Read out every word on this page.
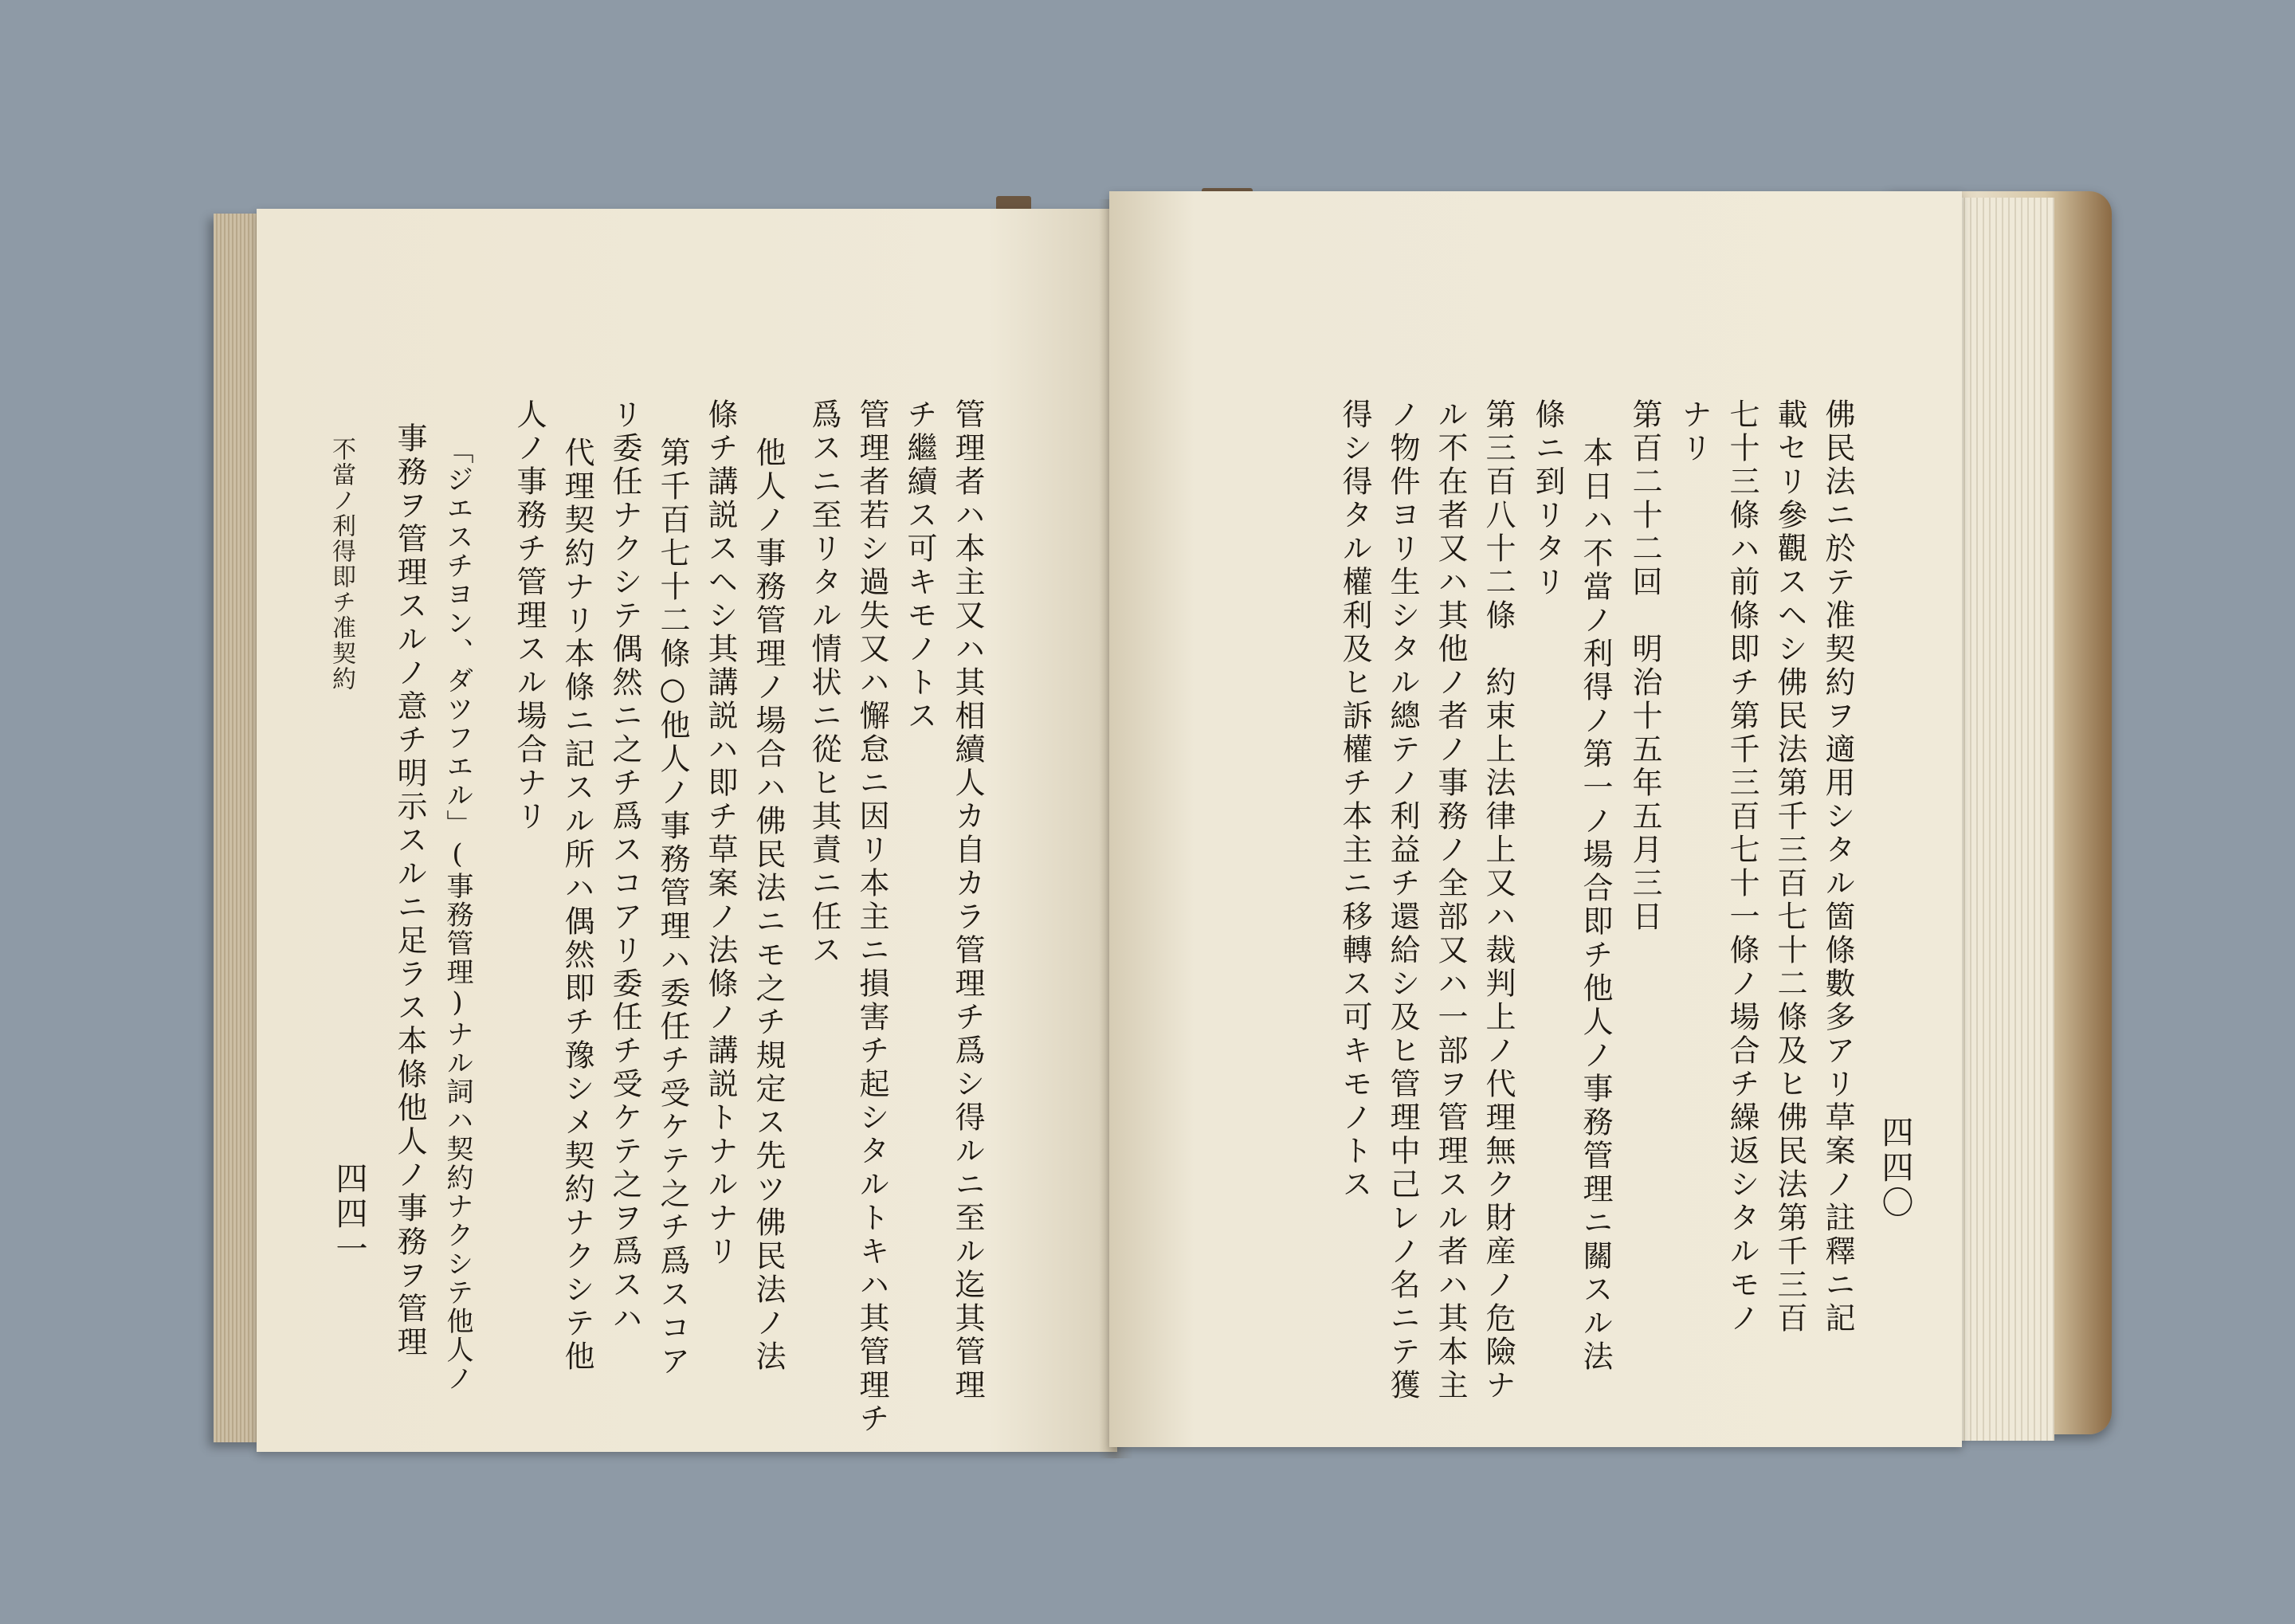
不當ノ利得即チ准契約
四四一	管理者ハ本主又ハ其相續人カ自カラ管理チ爲シ得ルニ至ル迄其管理
チ繼續ス可キモノトス
管理者若シ過失又ハ懈怠ニ因リ本主ニ損害チ起シタルトキハ其管理チ
爲スニ至リタル情状ニ從ヒ其責ニ任ス
他人ノ事務管理ノ場合ハ佛民法ニモ之チ規定ス先ツ佛民法ノ法
條チ講説スヘシ其講説ハ即チ草案ノ法條ノ講説トナルナリ
第千百七十二條○他人ノ事務管理ハ委任チ受ケテ之チ爲スコア
リ委任ナクシテ偶然ニ之チ爲スコアリ委任チ受ケテ之ヲ爲スハ
代理契約ナリ本條ニ記スル所ハ偶然即チ豫シメ契約ナクシテ他
人ノ事務チ管理スル場合ナリ
「ジエスチヨン、ダツフエル」(事務管理)ナル詞ハ契約ナクシテ他人ノ
事務ヲ管理スルノ意チ明示スルニ足ラス本條他人ノ事務ヲ管理	四四〇
佛民法ニ於テ准契約ヲ適用シタル箇條數多アリ草案ノ註釋ニ記
載セリ參觀スヘシ佛民法第千三百七十二條及ヒ佛民法第千三百
七十三條ハ前條即チ第千三百七十一條ノ場合チ繰返シタルモノ
ナリ
第百二十二回　明治十五年五月三日
本日ハ不當ノ利得ノ第一ノ場合即チ他人ノ事務管理ニ關スル法
條ニ到リタリ
第三百八十二條　約束上法律上又ハ裁判上ノ代理無ク財産ノ危險ナ
ル不在者又ハ其他ノ者ノ事務ノ全部又ハ一部ヲ管理スル者ハ其本主
ノ物件ヨリ生シタル總テノ利益チ還給シ及ヒ管理中己レノ名ニテ獲
得シ得タル權利及ヒ訴權チ本主ニ移轉ス可キモノトス
